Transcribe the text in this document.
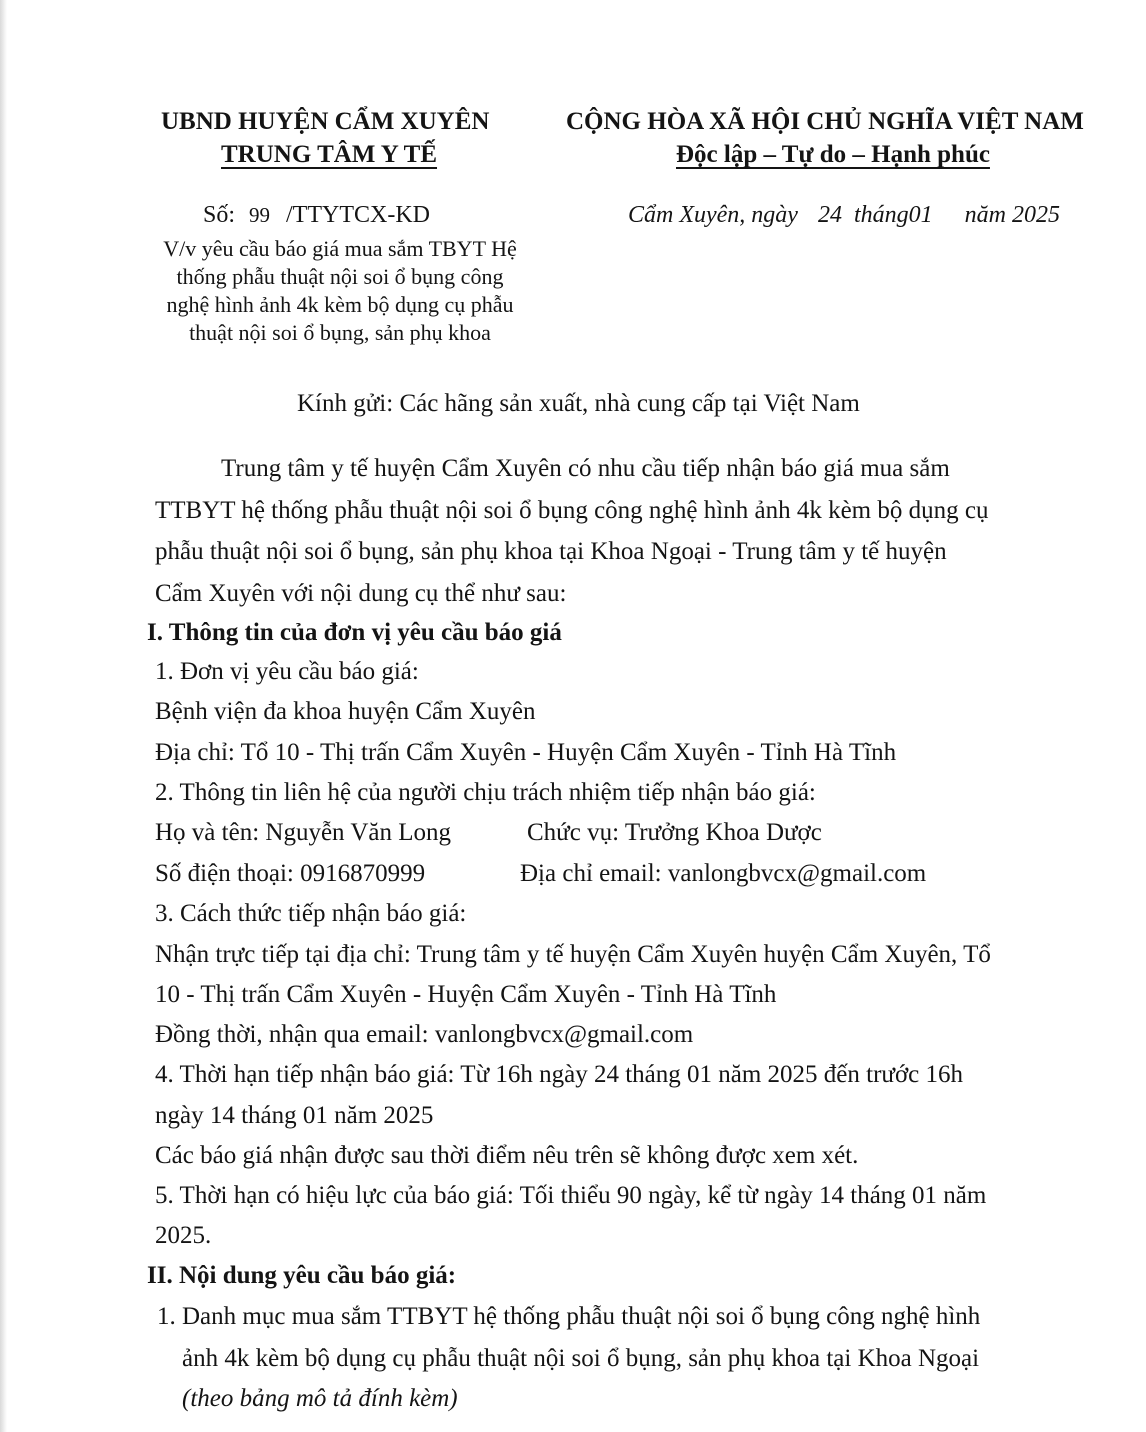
UBND HUYỆN CẨM XUYÊN
TRUNG TÂM Y TẾ
CỘNG HÒA XÃ HỘI CHỦ NGHĨA VIỆT NAM
Độc lập – Tự do – Hạnh phúc
Số: 99 /TTYTCX-KD	Cẩm Xuyên, ngày 24 tháng01 năm 2025
V/v yêu cầu báo giá mua sắm TBYT Hệ
thống phẫu thuật nội soi ổ bụng công
nghệ hình ảnh 4k kèm bộ dụng cụ phẫu
thuật nội soi ổ bụng, sản phụ khoa
Kính gửi: Các hãng sản xuất, nhà cung cấp tại Việt Nam
Trung tâm y tế huyện Cẩm Xuyên có nhu cầu tiếp nhận báo giá mua sắm
TTBYT hệ thống phẫu thuật nội soi ổ bụng công nghệ hình ảnh 4k kèm bộ dụng cụ
phẫu thuật nội soi ổ bụng, sản phụ khoa tại Khoa Ngoại - Trung tâm y tế huyện
Cẩm Xuyên với nội dung cụ thể như sau:
I. Thông tin của đơn vị yêu cầu báo giá
1. Đơn vị yêu cầu báo giá:
Bệnh viện đa khoa huyện Cẩm Xuyên
Địa chỉ: Tổ 10 - Thị trấn Cẩm Xuyên - Huyện Cẩm Xuyên - Tỉnh Hà Tĩnh
2. Thông tin liên hệ của người chịu trách nhiệm tiếp nhận báo giá:
Họ và tên: Nguyễn Văn Long	Chức vụ: Trưởng Khoa Dược
Số điện thoại: 0916870999	Địa chỉ email: vanlongbvcx@gmail.com
3. Cách thức tiếp nhận báo giá:
Nhận trực tiếp tại địa chỉ: Trung tâm y tế huyện Cẩm Xuyên huyện Cẩm Xuyên, Tổ
10 - Thị trấn Cẩm Xuyên - Huyện Cẩm Xuyên - Tỉnh Hà Tĩnh
Đồng thời, nhận qua email: vanlongbvcx@gmail.com
4. Thời hạn tiếp nhận báo giá: Từ 16h ngày 24 tháng 01 năm 2025 đến trước 16h
ngày 14 tháng 01 năm 2025
Các báo giá nhận được sau thời điểm nêu trên sẽ không được xem xét.
5. Thời hạn có hiệu lực của báo giá: Tối thiểu 90 ngày, kể từ ngày 14 tháng 01 năm
2025.
II. Nội dung yêu cầu báo giá:
1. Danh mục mua sắm TTBYT hệ thống phẫu thuật nội soi ổ bụng công nghệ hình
ảnh 4k kèm bộ dụng cụ phẫu thuật nội soi ổ bụng, sản phụ khoa tại Khoa Ngoại
(theo bảng mô tả đính kèm)
